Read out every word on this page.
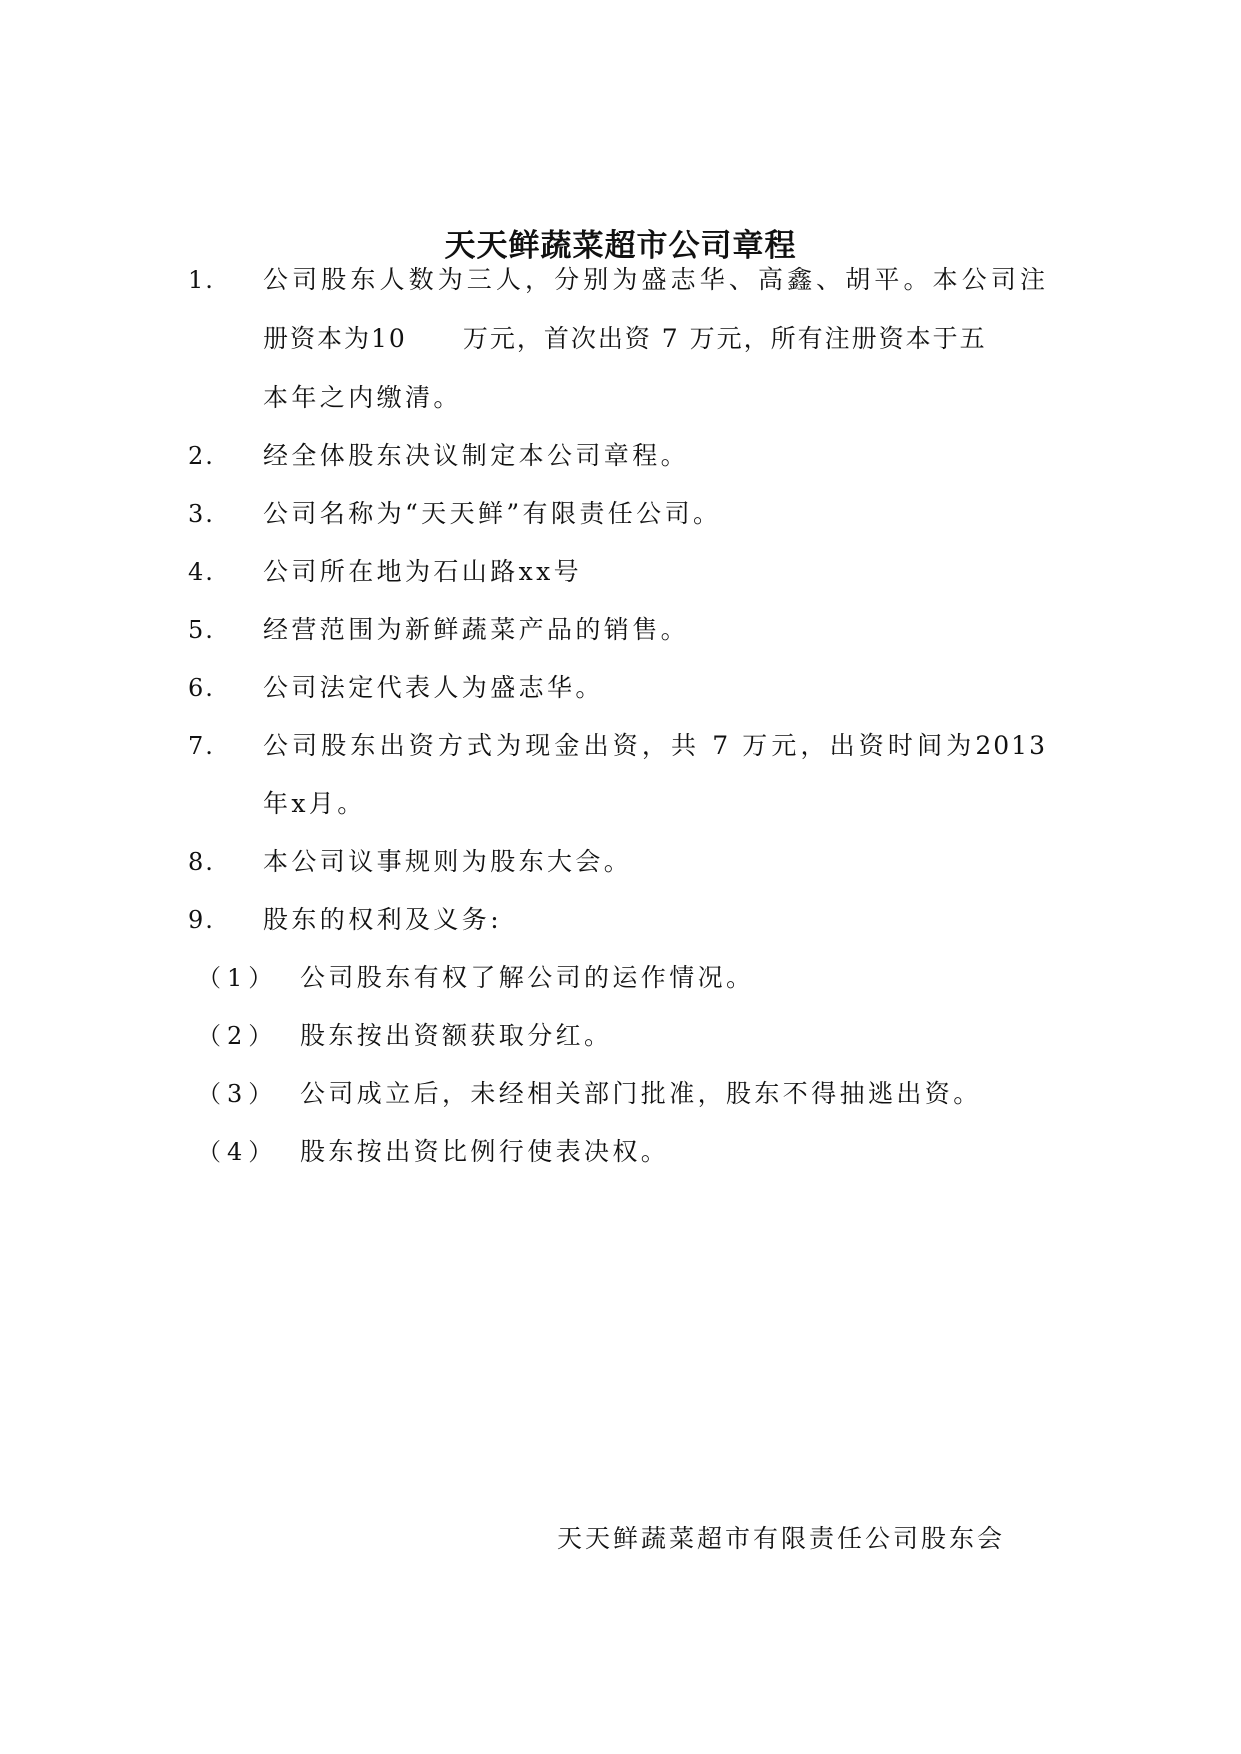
天天鲜蔬菜超市公司章程
1. 公司股东人数为三人，分别为盛志华、高鑫、胡平。本公司注
册资本为10 万元，首次出资 7 万元，所有注册资本于五
本年之内缴清。
2. 经全体股东决议制定本公司章程。
3. 公司名称为“天天鲜”有限责任公司。
4. 公司所在地为石山路xx号
5. 经营范围为新鲜蔬菜产品的销售。
6. 公司法定代表人为盛志华。
7. 公司股东出资方式为现金出资，共 7 万元，出资时间为2013
年x月。
8. 本公司议事规则为股东大会。
9. 股东的权利及义务:
（1） 公司股东有权了解公司的运作情况。
（2） 股东按出资额获取分红。
（3） 公司成立后，未经相关部门批准，股东不得抽逃出资。
（4） 股东按出资比例行使表决权。
天天鲜蔬菜超市有限责任公司股东会
